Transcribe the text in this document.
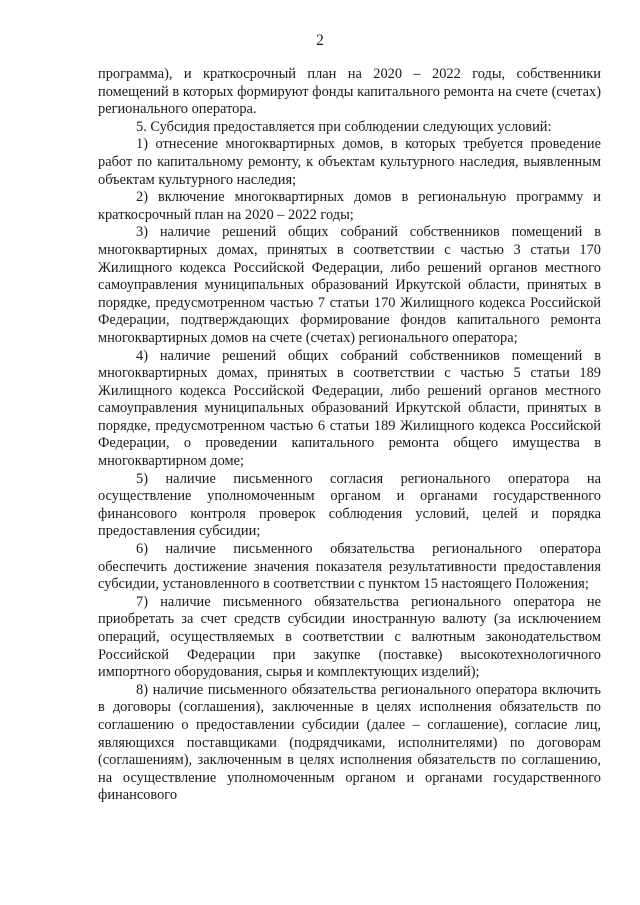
2

программа), и краткосрочный план на 2020 – 2022 годы, собственники помещений в которых формируют фонды капитального ремонта на счете (счетах) регионального оператора.

5. Субсидия предоставляется при соблюдении следующих условий:

1) отнесение многоквартирных домов, в которых требуется проведение работ по капитальному ремонту, к объектам культурного наследия, выявленным объектам культурного наследия;

2) включение многоквартирных домов в региональную программу и краткосрочный план на 2020 – 2022 годы;

3) наличие решений общих собраний собственников помещений в многоквартирных домах, принятых в соответствии с частью 3 статьи 170 Жилищного кодекса Российской Федерации, либо решений органов местного самоуправления муниципальных образований Иркутской области, принятых в порядке, предусмотренном частью 7 статьи 170 Жилищного кодекса Российской Федерации, подтверждающих формирование фондов капитального ремонта многоквартирных домов на счете (счетах) регионального оператора;

4) наличие решений общих собраний собственников помещений в многоквартирных домах, принятых в соответствии с частью 5 статьи 189 Жилищного кодекса Российской Федерации, либо решений органов местного самоуправления муниципальных образований Иркутской области, принятых в порядке, предусмотренном частью 6 статьи 189 Жилищного кодекса Российской Федерации, о проведении капитального ремонта общего имущества в многоквартирном доме;

5) наличие письменного согласия регионального оператора на осуществление уполномоченным органом и органами государственного финансового контроля проверок соблюдения условий, целей и порядка предоставления субсидии;

6) наличие письменного обязательства регионального оператора обеспечить достижение значения показателя результативности предоставления субсидии, установленного в соответствии с пунктом 15 настоящего Положения;

7) наличие письменного обязательства регионального оператора не приобретать за счет средств субсидии иностранную валюту (за исключением операций, осуществляемых в соответствии с валютным законодательством Российской Федерации при закупке (поставке) высокотехнологичного импортного оборудования, сырья и комплектующих изделий);

8) наличие письменного обязательства регионального оператора включить в договоры (соглашения), заключенные в целях исполнения обязательств по соглашению о предоставлении субсидии (далее – соглашение), согласие лиц, являющихся поставщиками (подрядчиками, исполнителями) по договорам (соглашениям), заключенным в целях исполнения обязательств по соглашению, на осуществление уполномоченным органом и органами государственного финансового
